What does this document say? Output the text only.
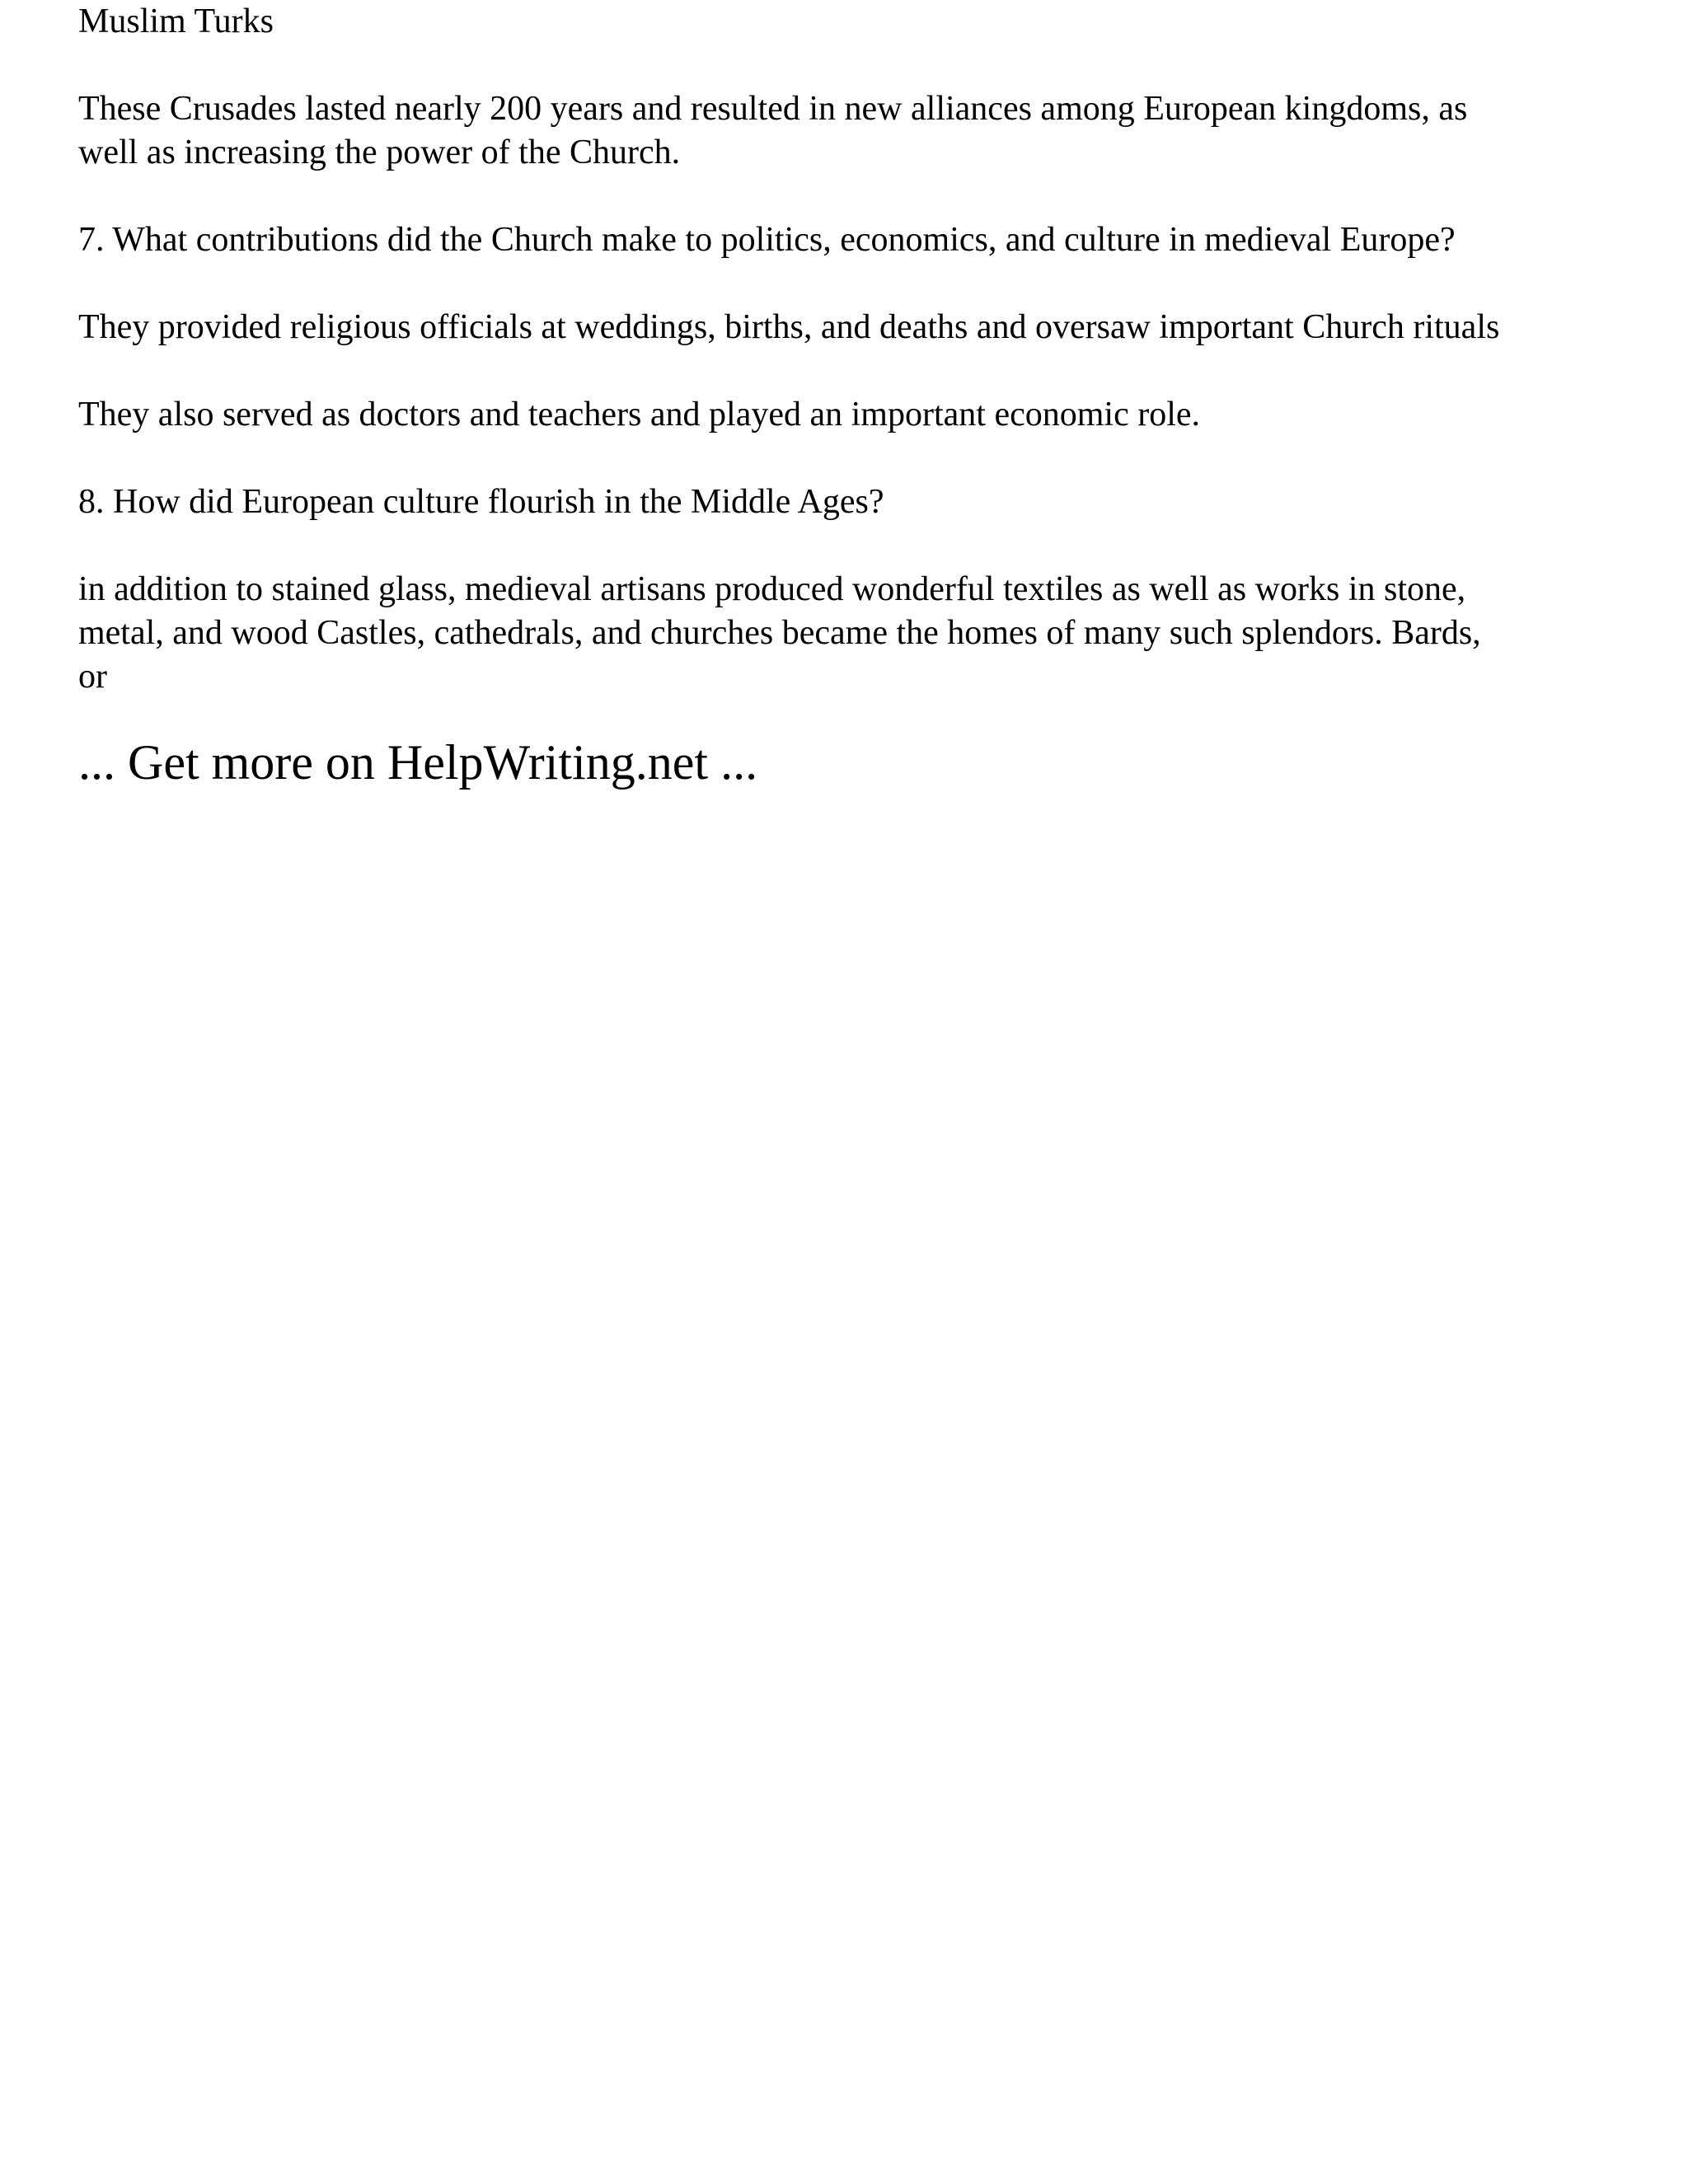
Muslim Turks

These Crusades lasted nearly 200 years and resulted in new alliances among European kingdoms, as

well as increasing the power of the Church.

7. What contributions did the Church make to politics, economics, and culture in medieval Europe?

They provided religious officials at weddings, births, and deaths and oversaw important Church rituals

They also served as doctors and teachers and played an important economic role.

8. How did European culture flourish in the Middle Ages?

in addition to stained glass, medieval artisans produced wonderful textiles as well as works in stone,

metal, and wood Castles, cathedrals, and churches became the homes of many such splendors. Bards,

or

... Get more on HelpWriting.net ...
